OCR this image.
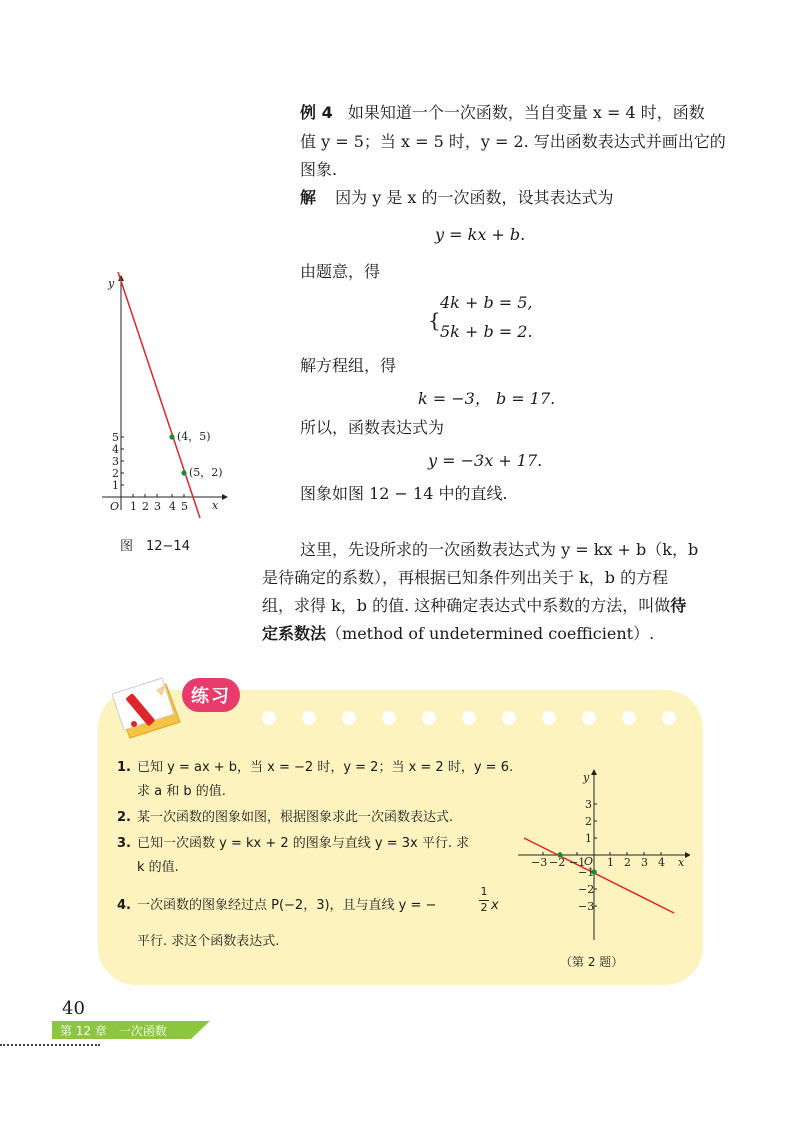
例 4 如果知道一个一次函数，当自变量 x = 4 时，函数
值 y = 5；当 x = 5 时，y = 2. 写出函数表达式并画出它的
图象.
解 因为 y 是 x 的一次函数，设其表达式为
y = kx + b.
由题意，得
{
4k + b = 5,
5k + b = 2.
解方程组，得
k = −3， b = 17.
所以，函数表达式为
y = −3x + 17.
图象如图 12 − 14 中的直线.
这里，先设所求的一次函数表达式为 y = kx + b（k，b
是待确定的系数），再根据已知条件列出关于 k，b 的方程
组，求得 k，b 的值. 这种确定表达式中系数的方法，叫做待
定系数法（method of undetermined coefficient）.
y
x
O 1 2 3 4 5
1
2
3
4
5	(4，5)
(5，2)
图　12−14
练习
1. 已知 y = ax + b，当 x = −2 时，y = 2；当 x = 2 时，y = 6.
求 a 和 b 的值.
2. 某一次函数的图象如图，根据图象求此一次函数表达式.
3. 已知一次函数 y = kx + 2 的图象与直线 y = 3x 平行. 求
k 的值.
4. 一次函数的图象经过点 P(−2，3)，且与直线 y = −
1
2 x
平行. 求这个函数表达式.
y
x
O 1 2 3 4
−3 −2 −1
1
2
3
−1
−2
−3
（第 2 题）
40
第 12 章　一次函数
